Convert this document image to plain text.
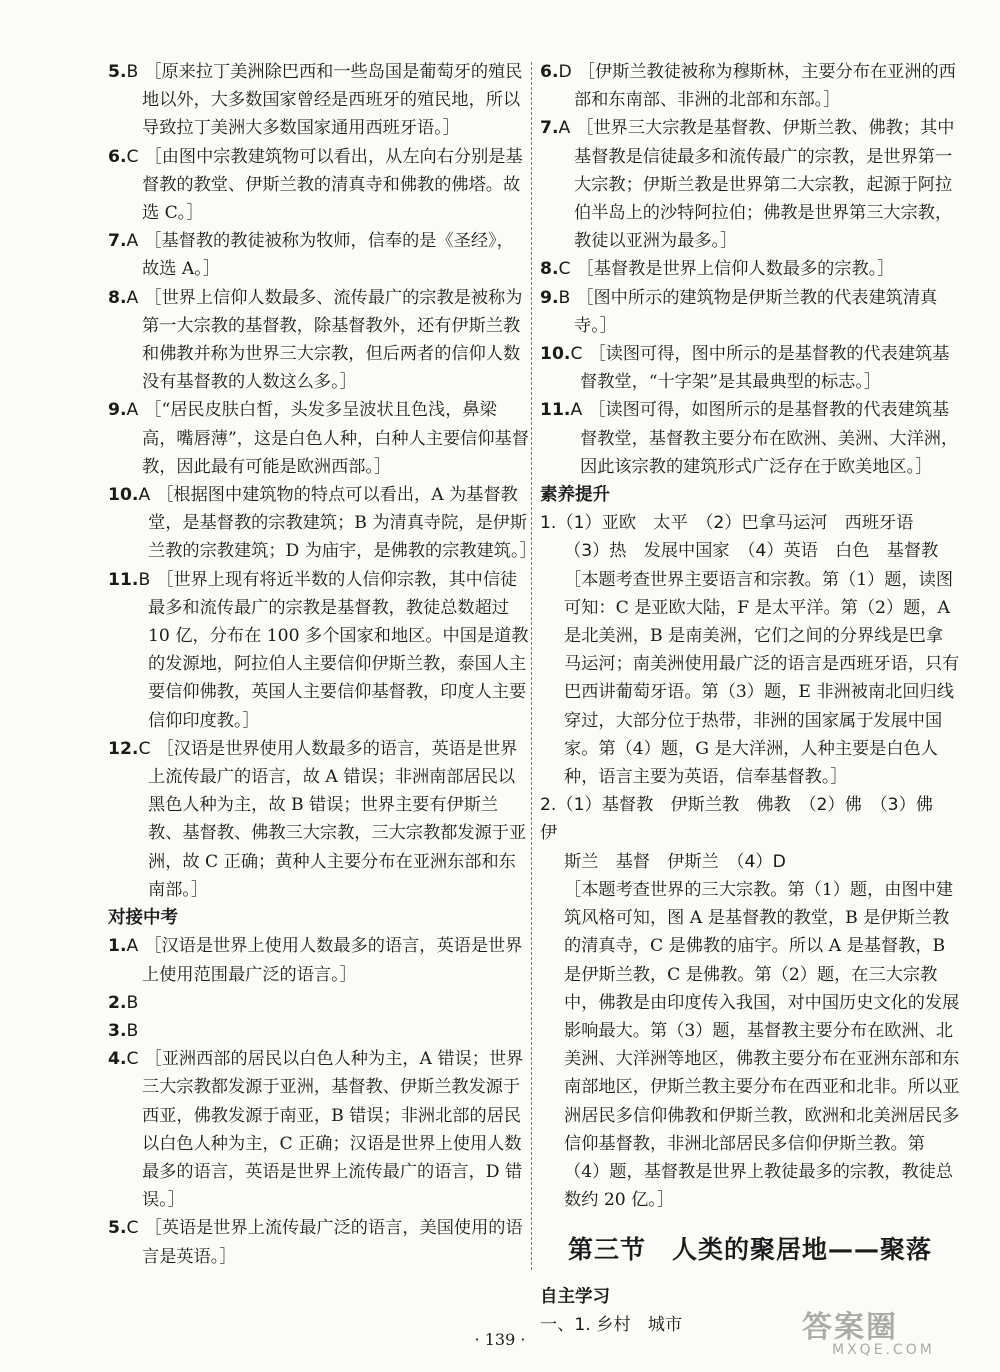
5.B ［原来拉丁美洲除巴西和一些岛国是葡萄牙的殖民地以外，大多数国家曾经是西班牙的殖民地，所以导致拉丁美洲大多数国家通用西班牙语。］

6.C ［由图中宗教建筑物可以看出，从左向右分别是基督教的教堂、伊斯兰教的清真寺和佛教的佛塔。故选 C。］

7.A ［基督教的教徒被称为牧师，信奉的是《圣经》，故选 A。］

8.A ［世界上信仰人数最多、流传最广的宗教是被称为第一大宗教的基督教，除基督教外，还有伊斯兰教和佛教并称为世界三大宗教，但后两者的信仰人数没有基督教的人数这么多。］

9.A ［“居民皮肤白皙，头发多呈波状且色浅，鼻梁高，嘴唇薄”，这是白色人种，白种人主要信仰基督教，因此最有可能是欧洲西部。］

10.A ［根据图中建筑物的特点可以看出，A 为基督教堂，是基督教的宗教建筑；B 为清真寺院，是伊斯兰教的宗教建筑；D 为庙宇，是佛教的宗教建筑。］

11.B ［世界上现有将近半数的人信仰宗教，其中信徒最多和流传最广的宗教是基督教，教徒总数超过 10 亿，分布在 100 多个国家和地区。中国是道教的发源地，阿拉伯人主要信仰伊斯兰教，泰国人主要信仰佛教，英国人主要信仰基督教，印度人主要信仰印度教。］

12.C ［汉语是世界使用人数最多的语言，英语是世界上流传最广的语言，故 A 错误；非洲南部居民以黑色人种为主，故 B 错误；世界主要有伊斯兰教、基督教、佛教三大宗教，三大宗教都发源于亚洲，故 C 正确；黄种人主要分布在亚洲东部和东南部。］

对接中考

1.A ［汉语是世界上使用人数最多的语言，英语是世界上使用范围最广泛的语言。］

2.B

3.B

4.C ［亚洲西部的居民以白色人种为主，A 错误；世界三大宗教都发源于亚洲，基督教、伊斯兰教发源于西亚，佛教发源于南亚，B 错误；非洲北部的居民以白色人种为主，C 正确；汉语是世界上使用人数最多的语言，英语是世界上流传最广的语言，D 错误。］

5.C ［英语是世界上流传最广泛的语言，美国使用的语言是英语。］

6.D ［伊斯兰教徒被称为穆斯林，主要分布在亚洲的西部和东南部、非洲的北部和东部。］

7.A ［世界三大宗教是基督教、伊斯兰教、佛教；其中基督教是信徒最多和流传最广的宗教，是世界第一大宗教；伊斯兰教是世界第二大宗教，起源于阿拉伯半岛上的沙特阿拉伯；佛教是世界第三大宗教，教徒以亚洲为最多。］

8.C ［基督教是世界上信仰人数最多的宗教。］

9.B ［图中所示的建筑物是伊斯兰教的代表建筑清真寺。］

10.C ［读图可得，图中所示的是基督教的代表建筑基督教堂，“十字架”是其最典型的标志。］

11.A ［读图可得，如图所示的是基督教的代表建筑基督教堂，基督教主要分布在欧洲、美洲、大洋洲，因此该宗教的建筑形式广泛存在于欧美地区。］

素养提升

1.（1）亚欧　太平　（2）巴拿马运河　西班牙语

（3）热　发展中国家　（4）英语　白色　基督教

［本题考查世界主要语言和宗教。第（1）题，读图可知：C 是亚欧大陆，F 是太平洋。第（2）题，A 是北美洲，B 是南美洲，它们之间的分界线是巴拿马运河；南美洲使用最广泛的语言是西班牙语，只有巴西讲葡萄牙语。第（3）题，E 非洲被南北回归线穿过，大部分位于热带，非洲的国家属于发展中国家。第（4）题，G 是大洋洲，人种主要是白色人种，语言主要为英语，信奉基督教。］

2.（1）基督教　伊斯兰教　佛教　（2）佛　（3）佛　伊

斯兰　基督　伊斯兰　（4）D

［本题考查世界的三大宗教。第（1）题，由图中建筑风格可知，图 A 是基督教的教堂，B 是伊斯兰教的清真寺，C 是佛教的庙宇。所以 A 是基督教，B 是伊斯兰教，C 是佛教。第（2）题，在三大宗教中，佛教是由印度传入我国，对中国历史文化的发展影响最大。第（3）题，基督教主要分布在欧洲、北美洲、大洋洲等地区，佛教主要分布在亚洲东部和东南部地区，伊斯兰教主要分布在西亚和北非。所以亚洲居民多信仰佛教和伊斯兰教，欧洲和北美洲居民多信仰基督教，非洲北部居民多信仰伊斯兰教。第（4）题，基督教是世界上教徒最多的宗教，教徒总数约 20 亿。］

第三节　人类的聚居地——聚落

自主学习

一、1. 乡村　城市

· 139 ·	答案圈
MXQE.COM
